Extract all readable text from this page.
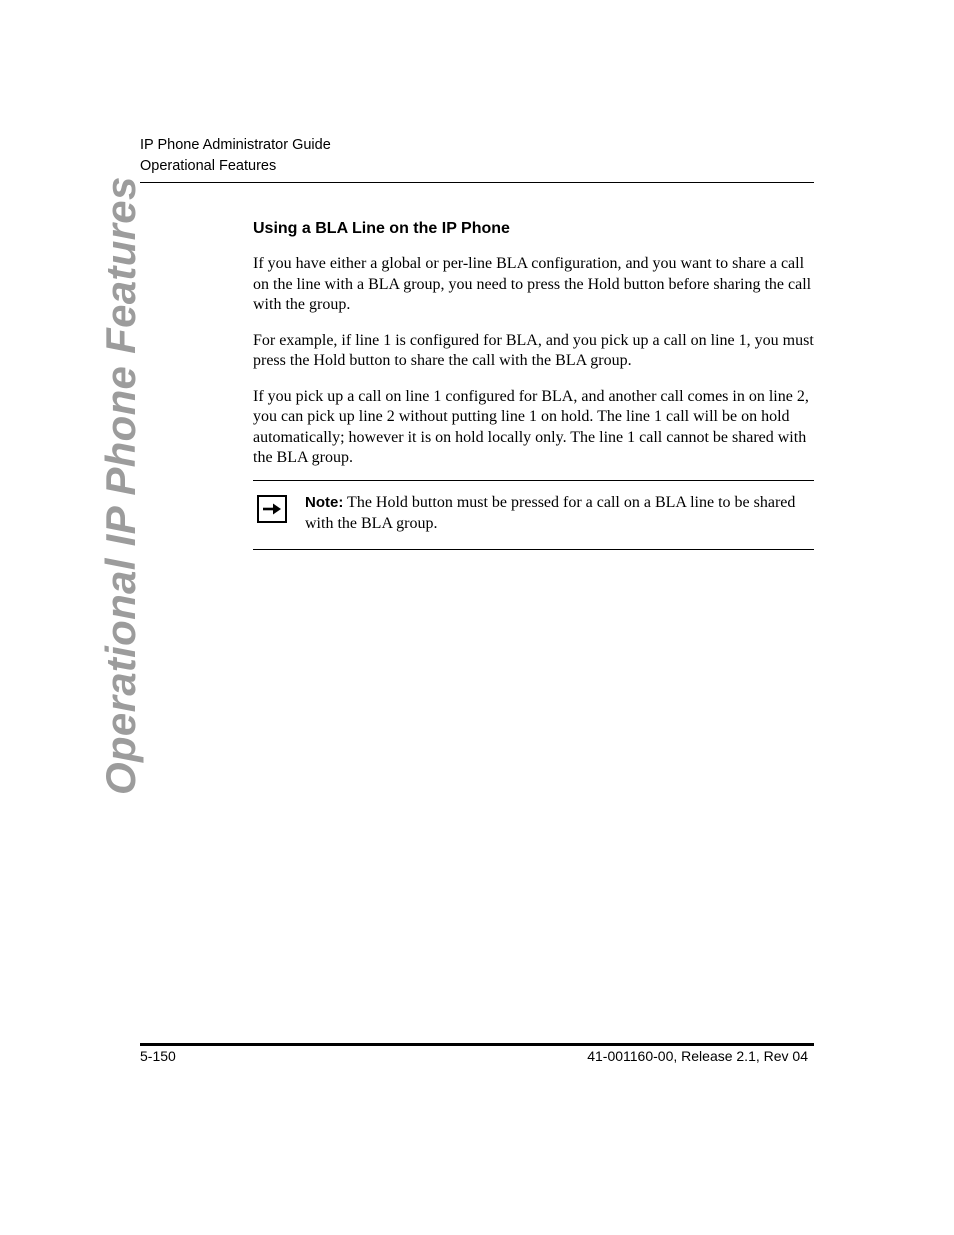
IP Phone Administrator Guide
Operational Features
Operational IP Phone Features	Using a BLA Line on the IP Phone

If you have either a global or per-line BLA configuration, and you want to share a call on the line with a BLA group, you need to press the Hold button before sharing the call with the group.

For example, if line 1 is configured for BLA, and you pick up a call on line 1, you must press the Hold button to share the call with the BLA group.

If you pick up a call on line 1 configured for BLA, and another call comes in on line 2, you can pick up line 2 without putting line 1 on hold. The line 1 call will be on hold automatically; however it is on hold locally only. The line 1 call cannot be shared with the BLA group.

Note: The Hold button must be pressed for a call on a BLA line to be shared with the BLA group.
5-150	41-001160-00, Release 2.1, Rev 04
